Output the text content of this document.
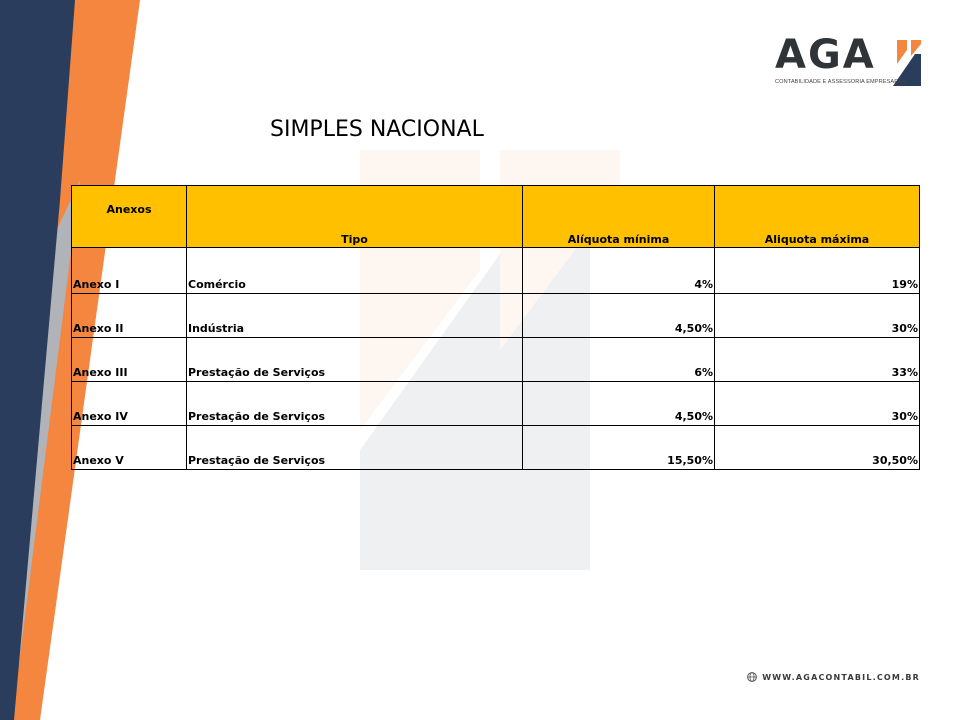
AGA
CONTABILIDADE E ASSESSORIA EMPRESARIAL
SIMPLES NACIONAL
Anexos	Tipo	Alíquota mínima	Aliquota máxima
Anexo I	Comércio	4%	19%
Anexo II	Indústria	4,50%	30%
Anexo III	Prestação de Serviços	6%	33%
Anexo IV	Prestação de Serviços	4,50%	30%
Anexo V	Prestação de Serviços	15,50%	30,50%
WWW.AGACONTABIL.COM.BR
